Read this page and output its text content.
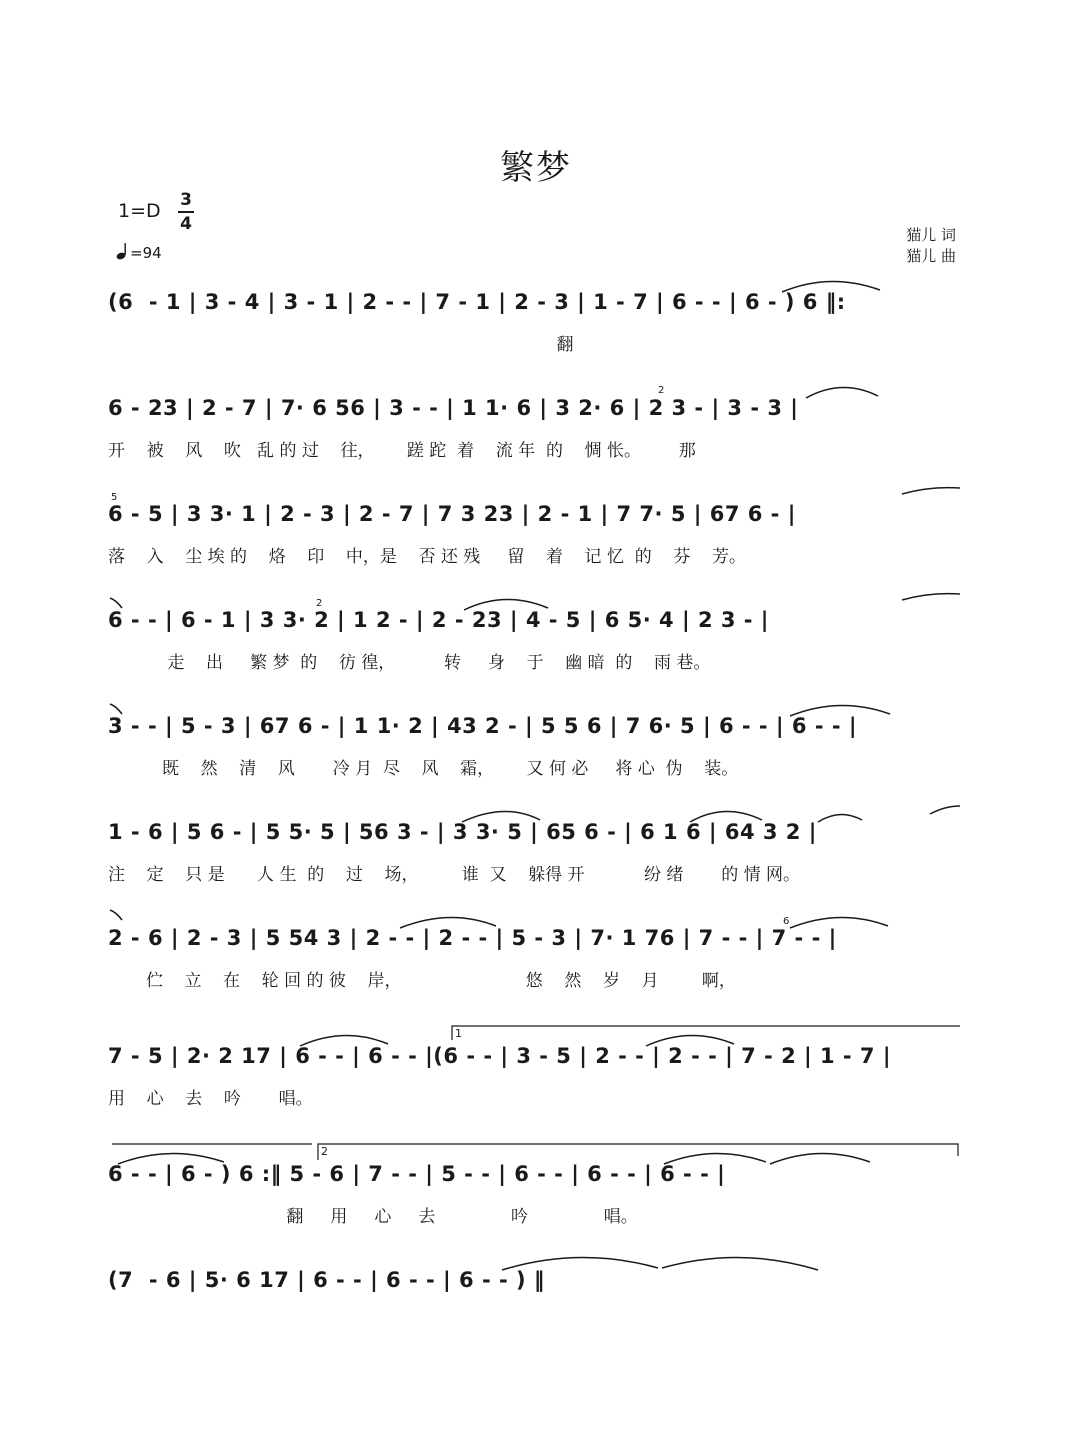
繁梦
1=D 3
4
=94
猫儿 词
猫儿 曲
(6  - 1 | 3 - 4 | 3 - 1 | 2 - - | 7 - 1 | 2 - 3 | 1 - 7 | 6 - - | 6 - ) 6 ‖:
翻
6 - 23 | 2 - 7 | 7· 6 56 | 3 - - | 1 1· 6 | 3 2· 6 | 2 3 - | 3 - 3 |
开    被    风    吹   乱 的 过    往，      蹉 跎  着    流 年  的    惆 怅。       那
6 - 5 | 3 3· 1 | 2 - 3 | 2 - 7 | 7 3 23 | 2 - 1 | 7 7· 5 | 67 6 - |
落    入    尘 埃 的    烙    印    中，是    否 还 残     留    着    记 忆  的    芬    芳。
6 - - | 6 - 1 | 3 3· 2 | 1 2 - | 2 - 23 | 4 - 5 | 6 5· 4 | 2 3 - |
走    出     繁 梦  的    彷 徨，         转     身    于    幽 暗  的    雨 巷。
3 - - | 5 - 3 | 67 6 - | 1 1· 2 | 43 2 - | 5 5 6 | 7 6· 5 | 6 - - | 6 - - |
既    然    清    风       冷 月  尽    风    霜，      又 何 必     将 心  伪    装。
1 - 6 | 5 6 - | 5 5· 5 | 56 3 - | 3 3· 5 | 65 6 - | 6 1 6 | 64 3 2 |
注    定    只 是      人 生  的    过    场，        谁  又    躲得 开           纷 绪       的 情 网。
2 - 6 | 2 - 3 | 5 54 3 | 2 - - | 2 - - | 5 - 3 | 7· 1 76 | 7 - - | 7 - - |
伫    立    在    轮 回 的 彼    岸，                       悠    然    岁    月        啊，
7 - 5 | 2· 2 17 | 6 - - | 6 - - |(6 - - | 3 - 5 | 2 - - | 2 - - | 7 - 2 | 1 - 7 |
用    心    去    吟       唱。
6 - - | 6 - ) 6 :‖ 5 - 6 | 7 - - | 5 - - | 6 - - | 6 - - | 6 - - |
翻     用     心     去              吟              唱。
(7  - 6 | 5· 6 17 | 6 - - | 6 - - | 6 - - ) ‖
1
2
2
5
2
6
